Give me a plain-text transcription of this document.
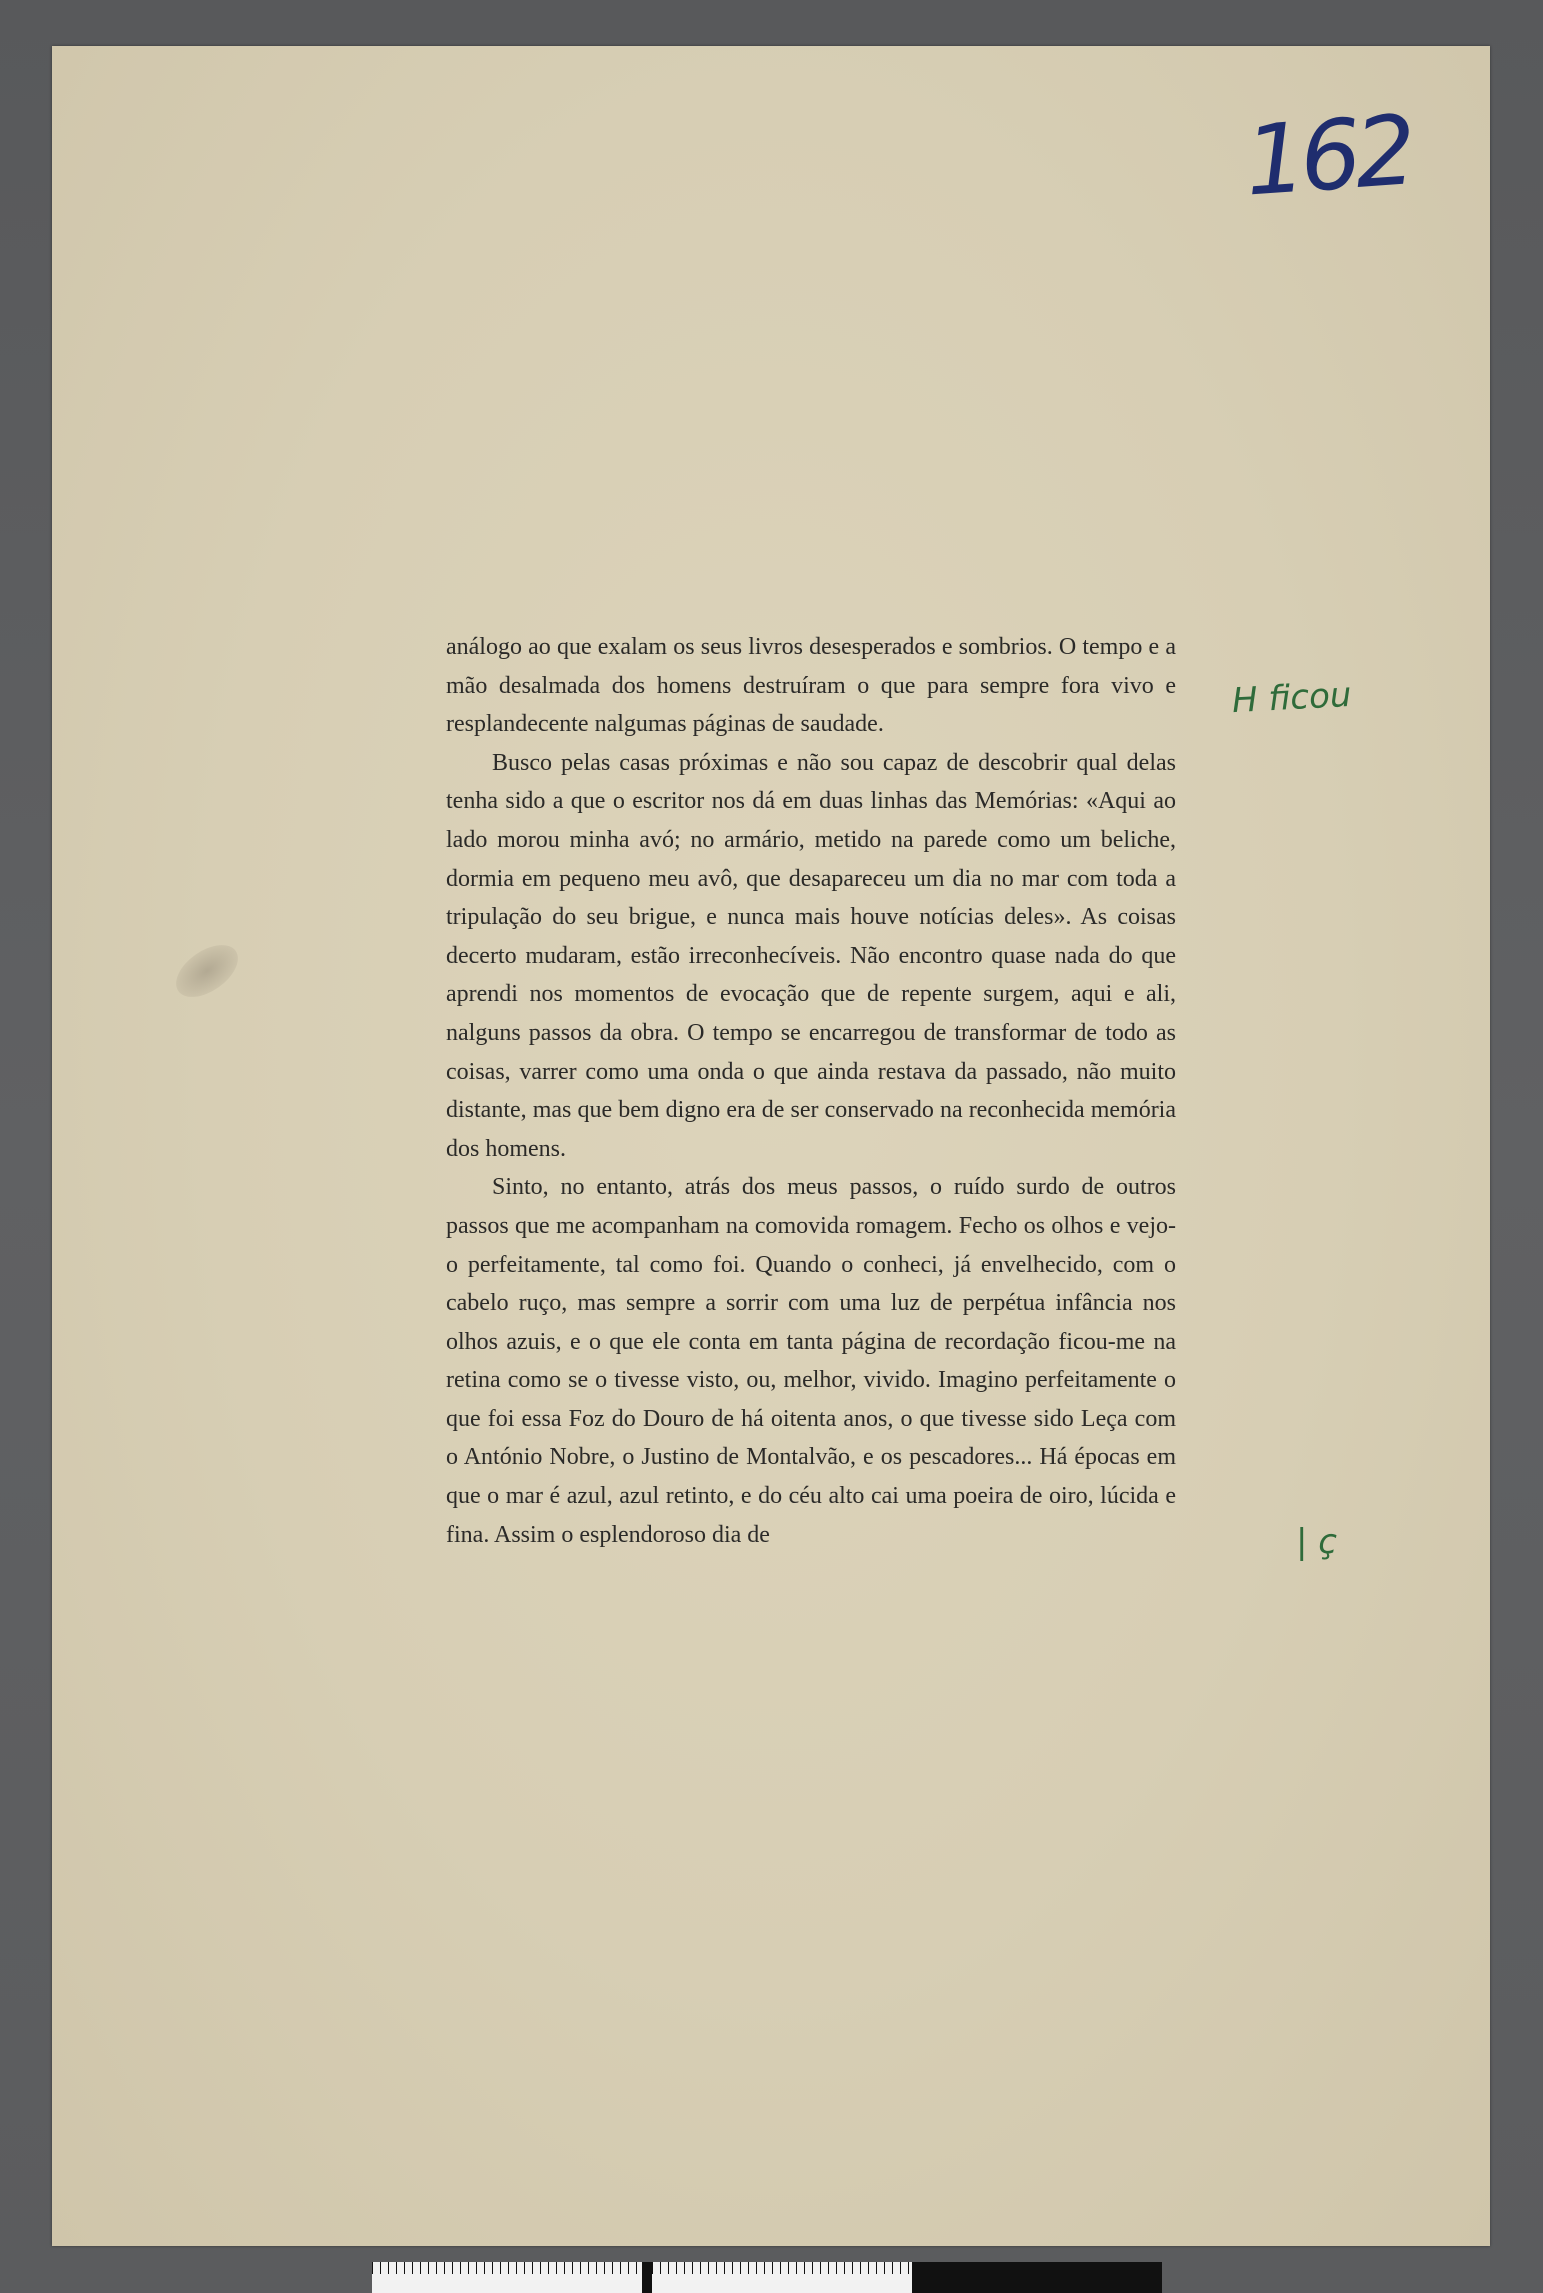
162

análogo ao que exalam os seus livros desesperados e sombrios. O tempo e a mão desalmada dos homens destruíram o que para sempre fora vivo e resplandecente nalgumas páginas de saudade.

Busco pelas casas próximas e não sou capaz de descobrir qual delas tenha sido a que o escritor nos dá em duas linhas das Memórias: «Aqui ao lado morou minha avó; no armário, metido na parede como um beliche, dormia em pequeno meu avô, que desapareceu um dia no mar com toda a tripulação do seu brigue, e nunca mais houve notícias deles». As coisas decerto mudaram, estão irreconhecíveis. Não encontro quase nada do que aprendi nos momentos de evocação que de repente surgem, aqui e ali, nalguns passos da obra. O tempo se encarregou de transformar de todo as coisas, varrer como uma onda o que ainda restava da passado, não muito distante, mas que bem digno era de ser conservado na reconhecida memória dos homens.

Sinto, no entanto, atrás dos meus passos, o ruído surdo de outros passos que me acompanham na comovida romagem. Fecho os olhos e vejo-o perfeitamente, tal como foi. Quando o conheci, já envelhecido, com o cabelo ruço, mas sempre a sorrir com uma luz de perpétua infância nos olhos azuis, e o que ele conta em tanta página de recordação ficou-me na retina como se o tivesse visto, ou, melhor, vivido. Imagino perfeitamente o que foi essa Foz do Douro de há oitenta anos, o que tivesse sido Leça com o António Nobre, o Justino de Montalvão, e os pescadores... Há épocas em que o mar é azul, azul retinto, e do céu alto cai uma poeira de oiro, lúcida e fina. Assim o esplendoroso dia de

H ficou
| ç
